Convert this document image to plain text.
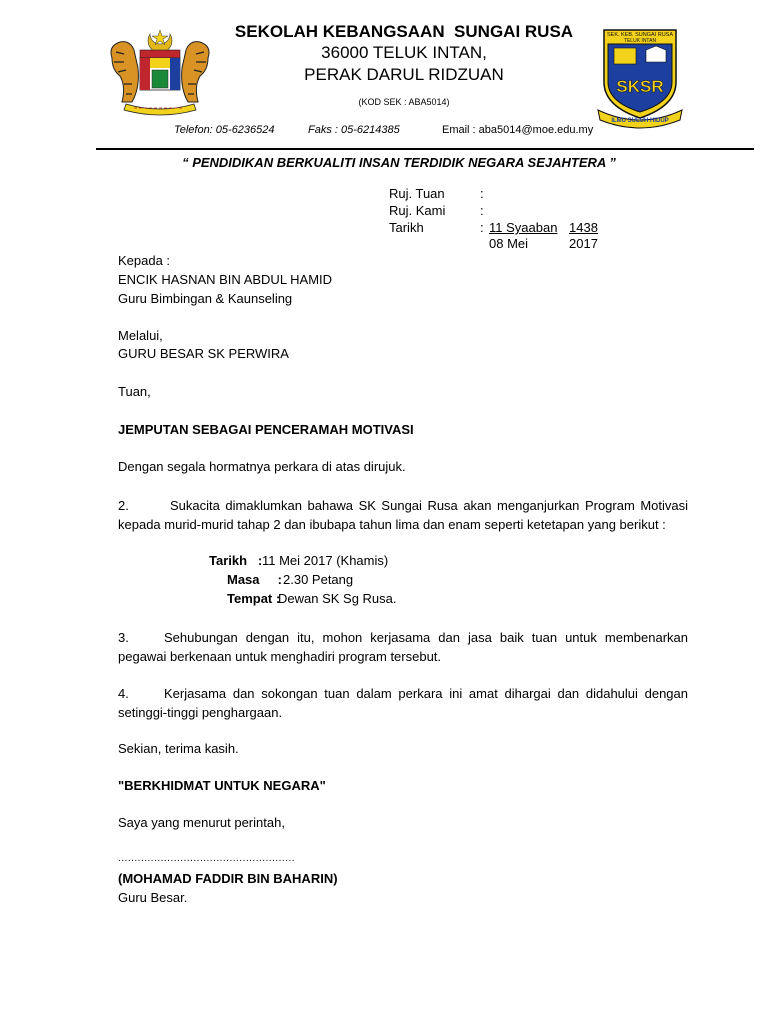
SEKOLAH KEBANGSAAN  SUNGAI RUSA
36000 TELUK INTAN,
PERAK DARUL RIDZUAN
(KOD SEK : ABA5014)
SEK. KEB. SUNGAI RUSA
TELUK INTAN
SKSR
ILMU SULUH HIDUP
Telefon: 05-6236524	Faks : 05-6214385	Email : aba5014@moe.edu.my
“ PENDIDIKAN BERKUALITI INSAN TERDIDIK NEGARA SEJAHTERA ”
Ruj. Tuan	:
Ruj. Kami	:
Tarikh	: 11 Syaaban 1438
08 Mei	2017
Kepada :
ENCIK HASNAN BIN ABDUL HAMID
Guru Bimbingan & Kaunseling
Melalui,
GURU BESAR SK PERWIRA
Tuan,
JEMPUTAN SEBAGAI PENCERAMAH MOTIVASI
Dengan segala hormatnya perkara di atas dirujuk.
2.	Sukacita dimaklumkan bahawa SK Sungai Rusa akan menganjurkan Program Motivasi kepada murid-murid tahap 2 dan ibubapa tahun lima dan enam seperti ketetapan yang berikut :
Tarikh   : 11 Mei 2017 (Khamis)
Masa     : 2.30 Petang
Tempat :
Dewan SK Sg Rusa.
3.	Sehubungan dengan itu, mohon kerjasama dan jasa baik tuan untuk membenarkan pegawai berkenaan untuk menghadiri program tersebut.
4.	Kerjasama dan sokongan tuan dalam perkara ini amat dihargai dan didahului dengan setinggi-tinggi penghargaan.
Sekian, terima kasih.
"BERKHIDMAT UNTUK NEGARA"
Saya yang menurut perintah,
......................................................
(MOHAMAD FADDIR BIN BAHARIN)
Guru Besar.
